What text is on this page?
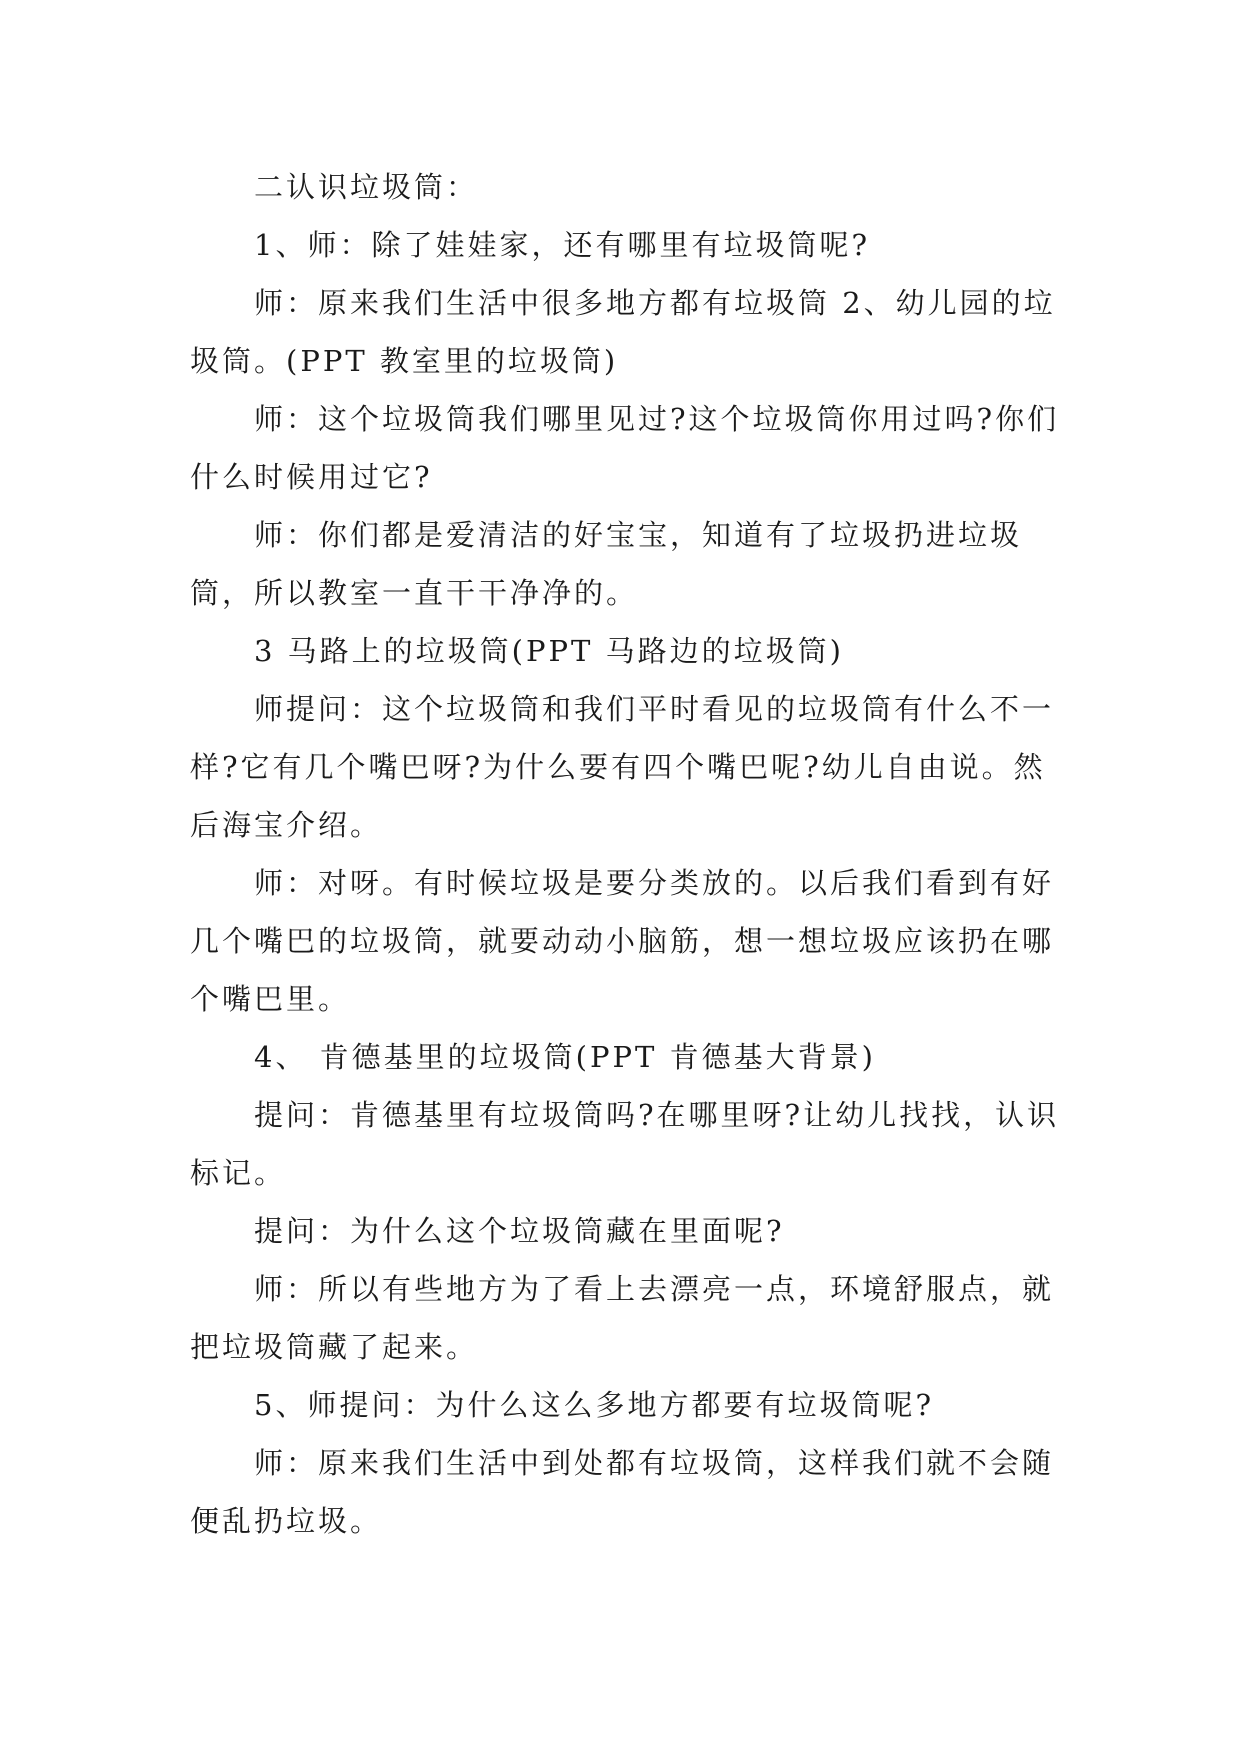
二认识垃圾筒：

1、师：除了娃娃家，还有哪里有垃圾筒呢?

师：原来我们生活中很多地方都有垃圾筒 2、幼儿园的垃圾筒。(PPT 教室里的垃圾筒)

师：这个垃圾筒我们哪里见过?这个垃圾筒你用过吗?你们什么时候用过它?

师：你们都是爱清洁的好宝宝，知道有了垃圾扔进垃圾筒，所以教室一直干干净净的。

3 马路上的垃圾筒(PPT 马路边的垃圾筒)

师提问：这个垃圾筒和我们平时看见的垃圾筒有什么不一样?它有几个嘴巴呀?为什么要有四个嘴巴呢?幼儿自由说。然后海宝介绍。

师：对呀。有时候垃圾是要分类放的。以后我们看到有好几个嘴巴的垃圾筒，就要动动小脑筋，想一想垃圾应该扔在哪个嘴巴里。

4、 肯德基里的垃圾筒(PPT 肯德基大背景)

提问：肯德基里有垃圾筒吗?在哪里呀?让幼儿找找，认识标记。

提问：为什么这个垃圾筒藏在里面呢?

师：所以有些地方为了看上去漂亮一点，环境舒服点，就把垃圾筒藏了起来。

5、师提问：为什么这么多地方都要有垃圾筒呢?

师：原来我们生活中到处都有垃圾筒，这样我们就不会随便乱扔垃圾。
